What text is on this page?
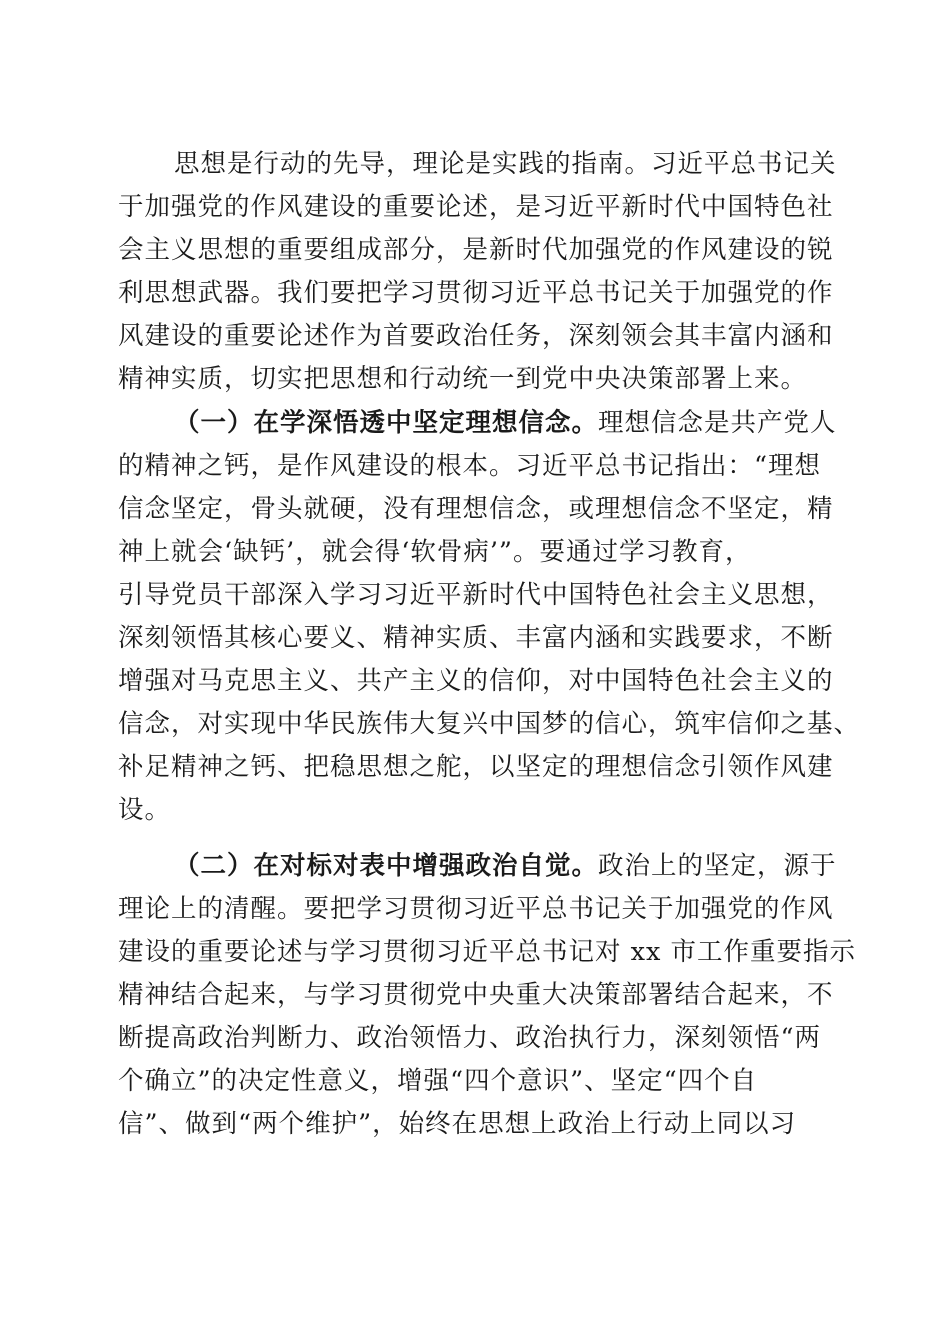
思想是行动的先导，理论是实践的指南。习近平总书记关
于加强党的作风建设的重要论述，是习近平新时代中国特色社
会主义思想的重要组成部分，是新时代加强党的作风建设的锐
利思想武器。我们要把学习贯彻习近平总书记关于加强党的作
风建设的重要论述作为首要政治任务，深刻领会其丰富内涵和
精神实质，切实把思想和行动统一到党中央决策部署上来。
（一）在学深悟透中坚定理想信念。理想信念是共产党人
的精神之钙，是作风建设的根本。习近平总书记指出：“理想
信念坚定，骨头就硬，没有理想信念，或理想信念不坚定，精
神上就会‘缺钙’，就会得‘软骨病’”。要通过学习教育，
引导党员干部深入学习习近平新时代中国特色社会主义思想，
深刻领悟其核心要义、精神实质、丰富内涵和实践要求，不断
增强对马克思主义、共产主义的信仰，对中国特色社会主义的
信念，对实现中华民族伟大复兴中国梦的信心，筑牢信仰之基、
补足精神之钙、把稳思想之舵，以坚定的理想信念引领作风建
设。
（二）在对标对表中增强政治自觉。政治上的坚定，源于
理论上的清醒。要把学习贯彻习近平总书记关于加强党的作风
建设的重要论述与学习贯彻习近平总书记对 xx 市工作重要指示
精神结合起来，与学习贯彻党中央重大决策部署结合起来，不
断提高政治判断力、政治领悟力、政治执行力，深刻领悟“两
个确立”的决定性意义，增强“四个意识”、坚定“四个自
信”、做到“两个维护”，始终在思想上政治上行动上同以习
